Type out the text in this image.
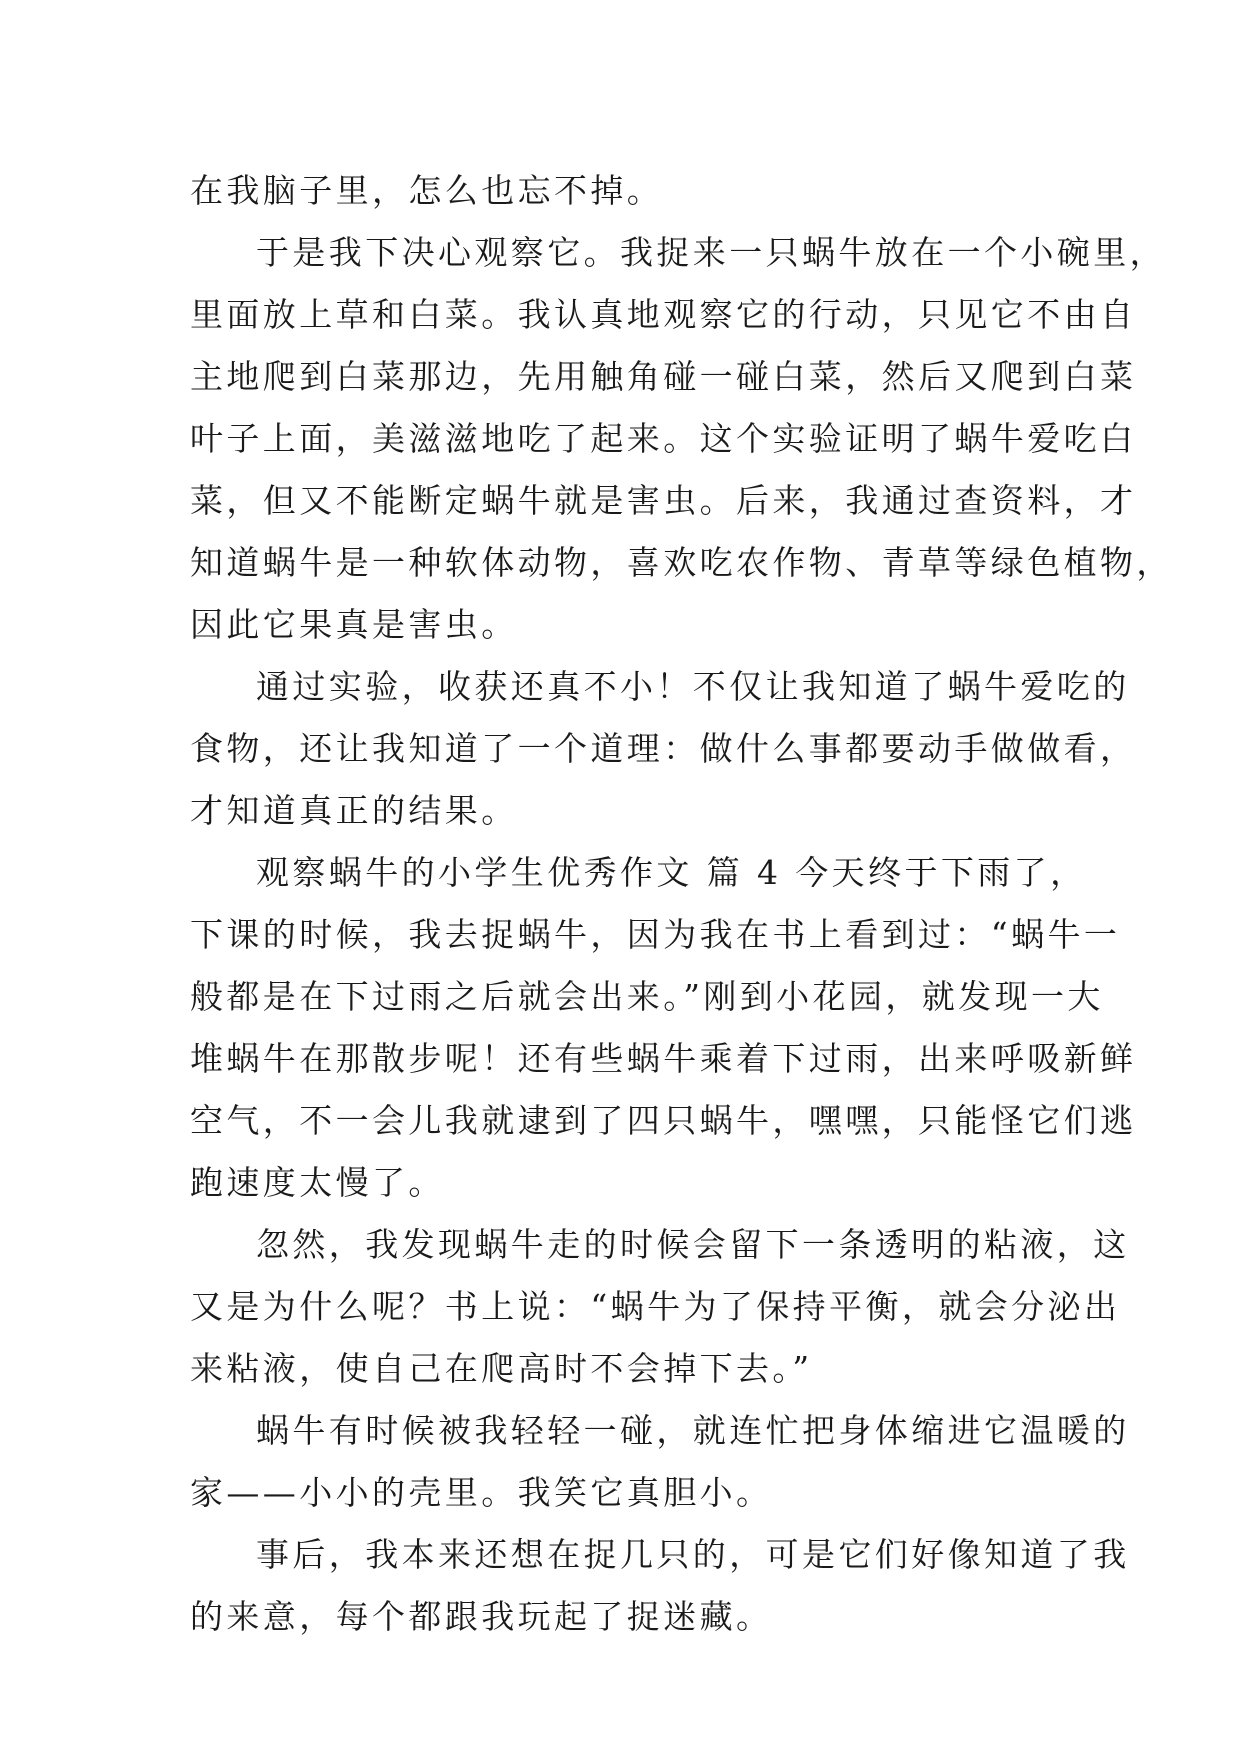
在我脑子里，怎么也忘不掉。
于是我下决心观察它。我捉来一只蜗牛放在一个小碗里，
里面放上草和白菜。我认真地观察它的行动，只见它不由自
主地爬到白菜那边，先用触角碰一碰白菜，然后又爬到白菜
叶子上面，美滋滋地吃了起来。这个实验证明了蜗牛爱吃白
菜，但又不能断定蜗牛就是害虫。后来，我通过查资料，才
知道蜗牛是一种软体动物，喜欢吃农作物、青草等绿色植物，
因此它果真是害虫。
通过实验，收获还真不小！不仅让我知道了蜗牛爱吃的
食物，还让我知道了一个道理：做什么事都要动手做做看，
才知道真正的结果。
观察蜗牛的小学生优秀作文 篇 4 今天终于下雨了，
下课的时候，我去捉蜗牛，因为我在书上看到过：“蜗牛一
般都是在下过雨之后就会出来。”刚到小花园，就发现一大
堆蜗牛在那散步呢！还有些蜗牛乘着下过雨，出来呼吸新鲜
空气，不一会儿我就逮到了四只蜗牛，嘿嘿，只能怪它们逃
跑速度太慢了。
忽然，我发现蜗牛走的时候会留下一条透明的粘液，这
又是为什么呢？书上说：“蜗牛为了保持平衡，就会分泌出
来粘液，使自己在爬高时不会掉下去。”
蜗牛有时候被我轻轻一碰，就连忙把身体缩进它温暖的
家——小小的壳里。我笑它真胆小。
事后，我本来还想在捉几只的，可是它们好像知道了我
的来意，每个都跟我玩起了捉迷藏。
